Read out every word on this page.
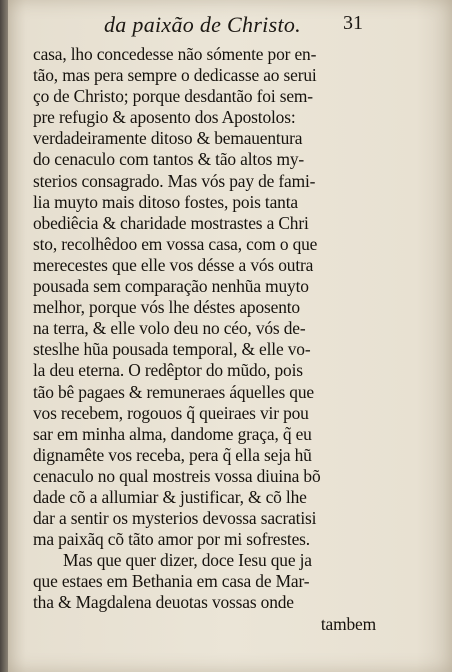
da paixão de Christo. 31
casa, lho concedesse não sómente por en-
tão, mas pera sempre o dedicasse ao serui
ço de Christo; porque desdantão foi sem-
pre refugio & aposento dos Apostolos:
verdadeiramente ditoso & bemauentura
do cenaculo com tantos & tão altos my-
sterios consagrado. Mas vós pay de fami-
lia muyto mais ditoso fostes, pois tanta
obediêcia & charidade mostrastes a Chri
sto, recolhêdoo em vossa casa, com o que
merecestes que elle vos désse a vós outra
pousada sem comparação nenhũa muyto
melhor, porque vós lhe déstes aposento
na terra, & elle volo deu no céo, vós de-
steslhe hũa pousada temporal, & elle vo-
la deu eterna. O redêptor do mũdo, pois
tão bê pagaes & remuneraes áquelles que
vos recebem, rogouos q̃ queiraes vir pou
sar em minha alma, dandome graça, q̃ eu
dignamête vos receba, pera q̃ ella seja hũ
cenaculo no qual mostreis vossa diuina bõ
dade cõ a allumiar & justificar, & cõ lhe
dar a sentir os mysterios devossa sacratisi
ma paixãq cõ tãto amor por mi sofrestes.
Mas que quer dizer, doce Iesu que ja
que estaes em Bethania em casa de Mar-
tha & Magdalena deuotas vossas onde
tambem
